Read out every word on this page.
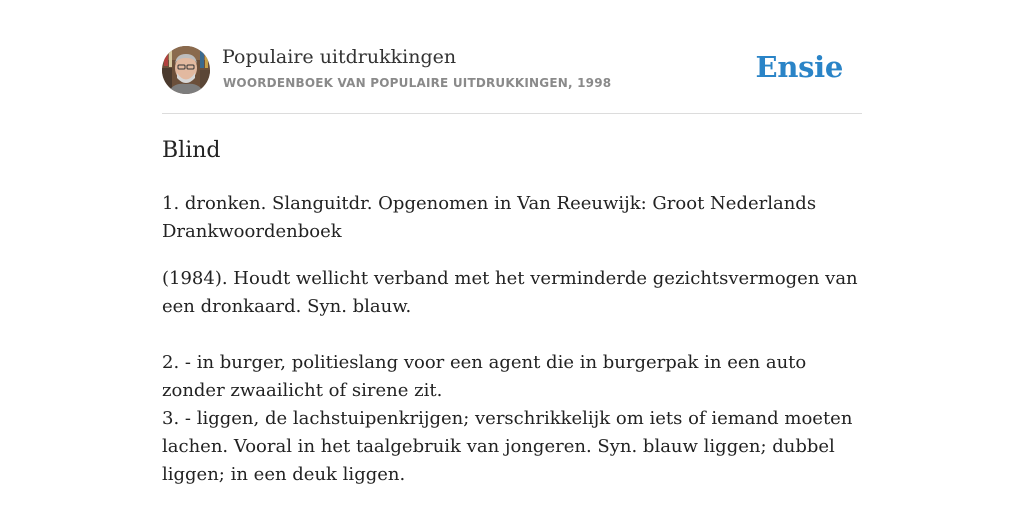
Populaire uitdrukkingen
WOORDENBOEK VAN POPULAIRE UITDRUKKINGEN, 1998	Ensie
Blind
1. dronken. Slanguitdr. Opgenomen in Van Reeuwijk: Groot Nederlands Drankwoordenboek
(1984). Houdt wellicht verband met het verminderde gezichtsvermogen van een dronkaard. Syn. blauw.
2. - in burger, politieslang voor een agent die in burgerpak in een auto zonder zwaailicht of sirene zit.
3. - liggen, de lachstuipenkrijgen; verschrikkelijk om iets of iemand moeten lachen. Vooral in het taalgebruik van jongeren. Syn. blauw liggen; dubbel liggen; in een deuk liggen.
